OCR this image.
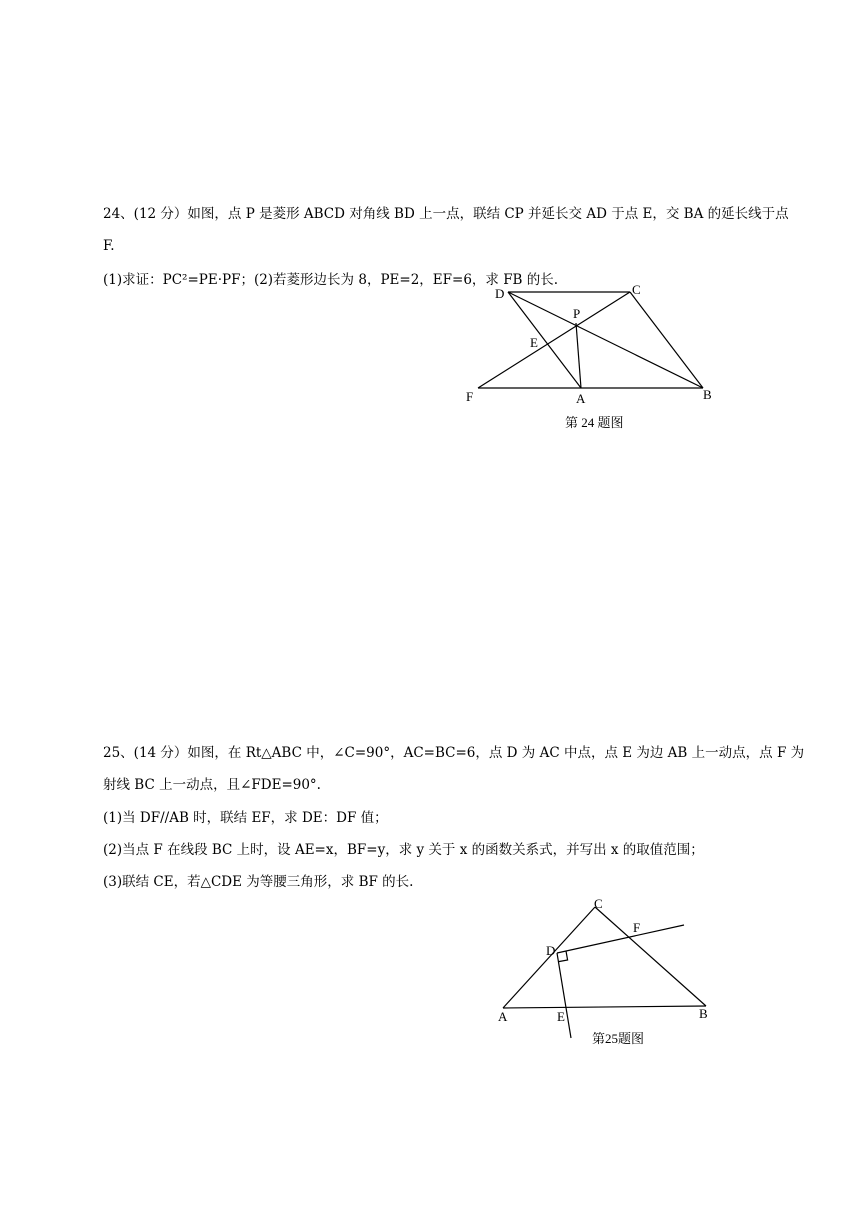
24、(12 分）如图，点 P 是菱形 ABCD 对角线 BD 上一点，联结 CP 并延长交 AD 于点 E，交 BA 的延长线于点
F.
(1)求证：PC²=PE·PF；(2)若菱形边长为 8，PE=2，EF=6，求 FB 的长.
D	C
P
E
F	A	B
第 24 题图
25、(14 分）如图，在 Rt△ABC 中，∠C=90°，AC=BC=6，点 D 为 AC 中点，点 E 为边 AB 上一动点，点 F 为
射线 BC 上一动点，且∠FDE=90°.
(1)当 DF//AB 时，联结 EF，求 DE：DF 值；
(2)当点 F 在线段 BC 上时，设 AE=x，BF=y，求 y 关于 x 的函数关系式，并写出 x 的取值范围；
(3)联结 CE，若△CDE 为等腰三角形，求 BF 的长.
C
F
D
A	E	B
第25题图
